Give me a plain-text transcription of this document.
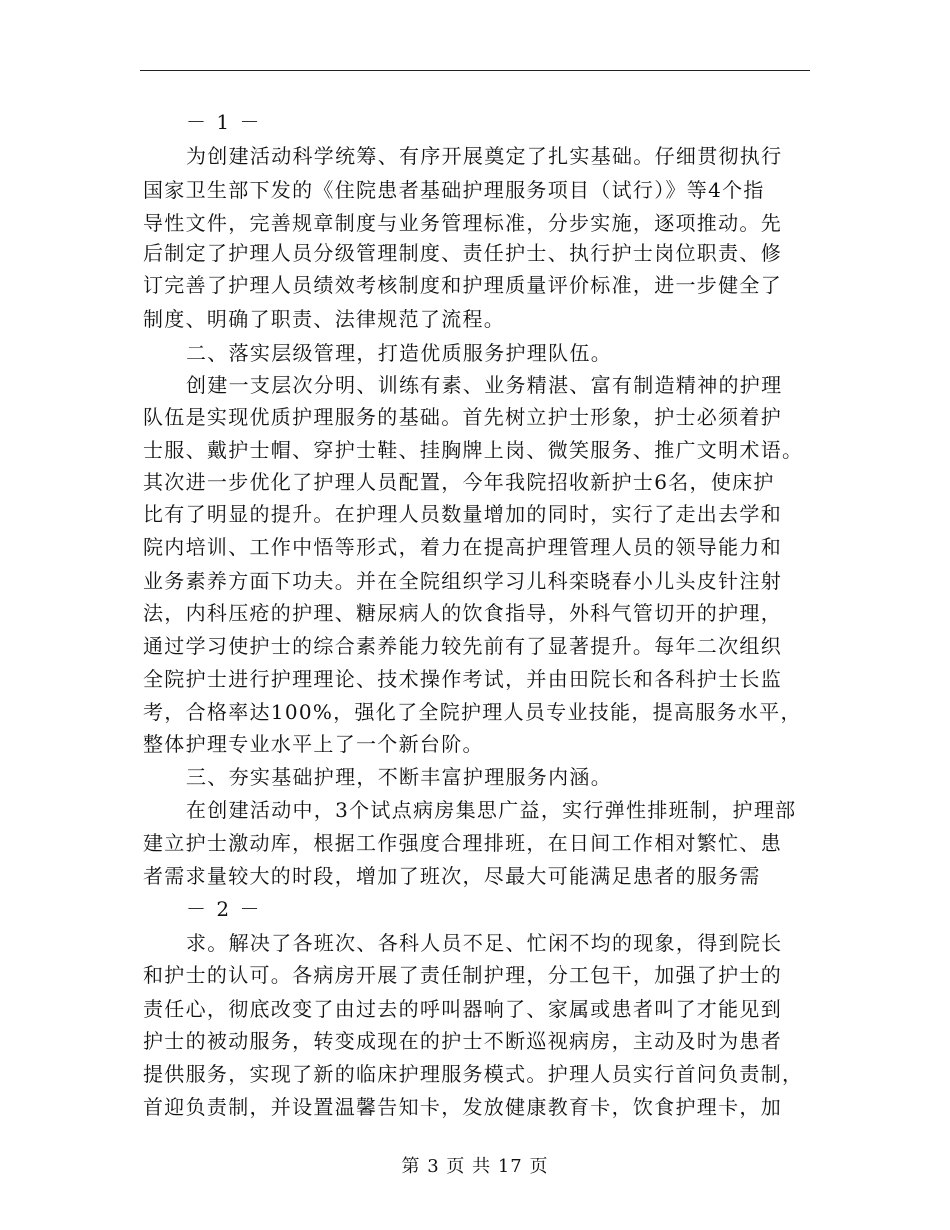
－ 1 －
为创建活动科学统筹、有序开展奠定了扎实基础。仔细贯彻执行
国家卫生部下发的《住院患者基础护理服务项目（试行）》等4个指
导性文件，完善规章制度与业务管理标准，分步实施，逐项推动。先
后制定了护理人员分级管理制度、责任护士、执行护士岗位职责、修
订完善了护理人员绩效考核制度和护理质量评价标准，进一步健全了
制度、明确了职责、法律规范了流程。
二、落实层级管理，打造优质服务护理队伍。
创建一支层次分明、训练有素、业务精湛、富有制造精神的护理
队伍是实现优质护理服务的基础。首先树立护士形象，护士必须着护
士服、戴护士帽、穿护士鞋、挂胸牌上岗、微笑服务、推广文明术语。
其次进一步优化了护理人员配置，今年我院招收新护士6名，使床护
比有了明显的提升。在护理人员数量增加的同时，实行了走出去学和
院内培训、工作中悟等形式，着力在提高护理管理人员的领导能力和
业务素养方面下功夫。并在全院组织学习儿科栾晓春小儿头皮针注射
法，内科压疮的护理、糖尿病人的饮食指导，外科气管切开的护理，
通过学习使护士的综合素养能力较先前有了显著提升。每年二次组织
全院护士进行护理理论、技术操作考试，并由田院长和各科护士长监
考，合格率达100%，强化了全院护理人员专业技能，提高服务水平，
整体护理专业水平上了一个新台阶。
三、夯实基础护理，不断丰富护理服务内涵。
在创建活动中，3个试点病房集思广益，实行弹性排班制，护理部
建立护士激动库，根据工作强度合理排班，在日间工作相对繁忙、患
者需求量较大的时段，增加了班次，尽最大可能满足患者的服务需
－ 2 －
求。解决了各班次、各科人员不足、忙闲不均的现象，得到院长
和护士的认可。各病房开展了责任制护理，分工包干，加强了护士的
责任心，彻底改变了由过去的呼叫器响了、家属或患者叫了才能见到
护士的被动服务，转变成现在的护士不断巡视病房，主动及时为患者
提供服务，实现了新的临床护理服务模式。护理人员实行首问负责制，
首迎负责制，并设置温馨告知卡，发放健康教育卡，饮食护理卡，加
第 3 页 共 17 页
